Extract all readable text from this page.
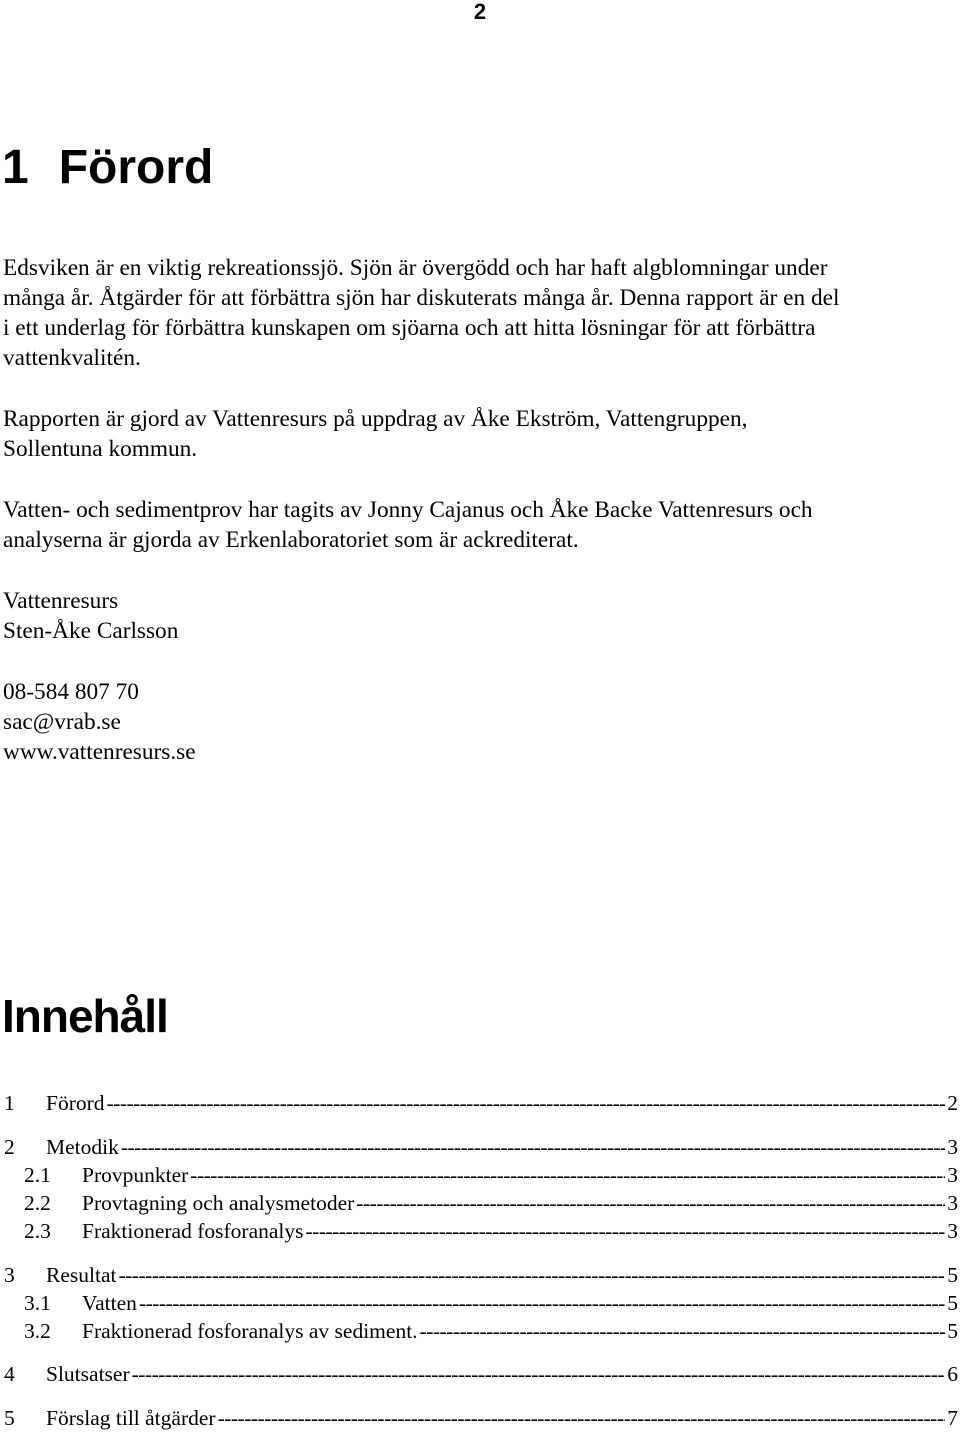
2
1 Förord
Edsviken är en viktig rekreationssjö. Sjön är övergödd och har haft algblomningar under
många år. Åtgärder för att förbättra sjön har diskuterats många år. Denna rapport är en del
i ett underlag för förbättra kunskapen om sjöarna och att hitta lösningar för att förbättra
vattenkvalitén.
Rapporten är gjord av Vattenresurs på uppdrag av Åke Ekström, Vattengruppen,
Sollentuna kommun.
Vatten- och sedimentprov har tagits av Jonny Cajanus och Åke Backe Vattenresurs och
analyserna är gjorda av Erkenlaboratoriet som är ackrediterat.
Vattenresurs
Sten-Åke Carlsson
08-584 807 70
sac@vrab.se
www.vattenresurs.se
Innehåll
1 Förord -----	2
2 Metodik -----	3
2.1 Provpunkter -----	3
2.2 Provtagning och analysmetoder -----	3
2.3 Fraktionerad fosforanalys -----	3
3 Resultat -----	5
3.1 Vatten -----	5
3.2 Fraktionerad fosforanalys av sediment. -----	5
4 Slutsatser -----	6
5 Förslag till åtgärder -----	7
